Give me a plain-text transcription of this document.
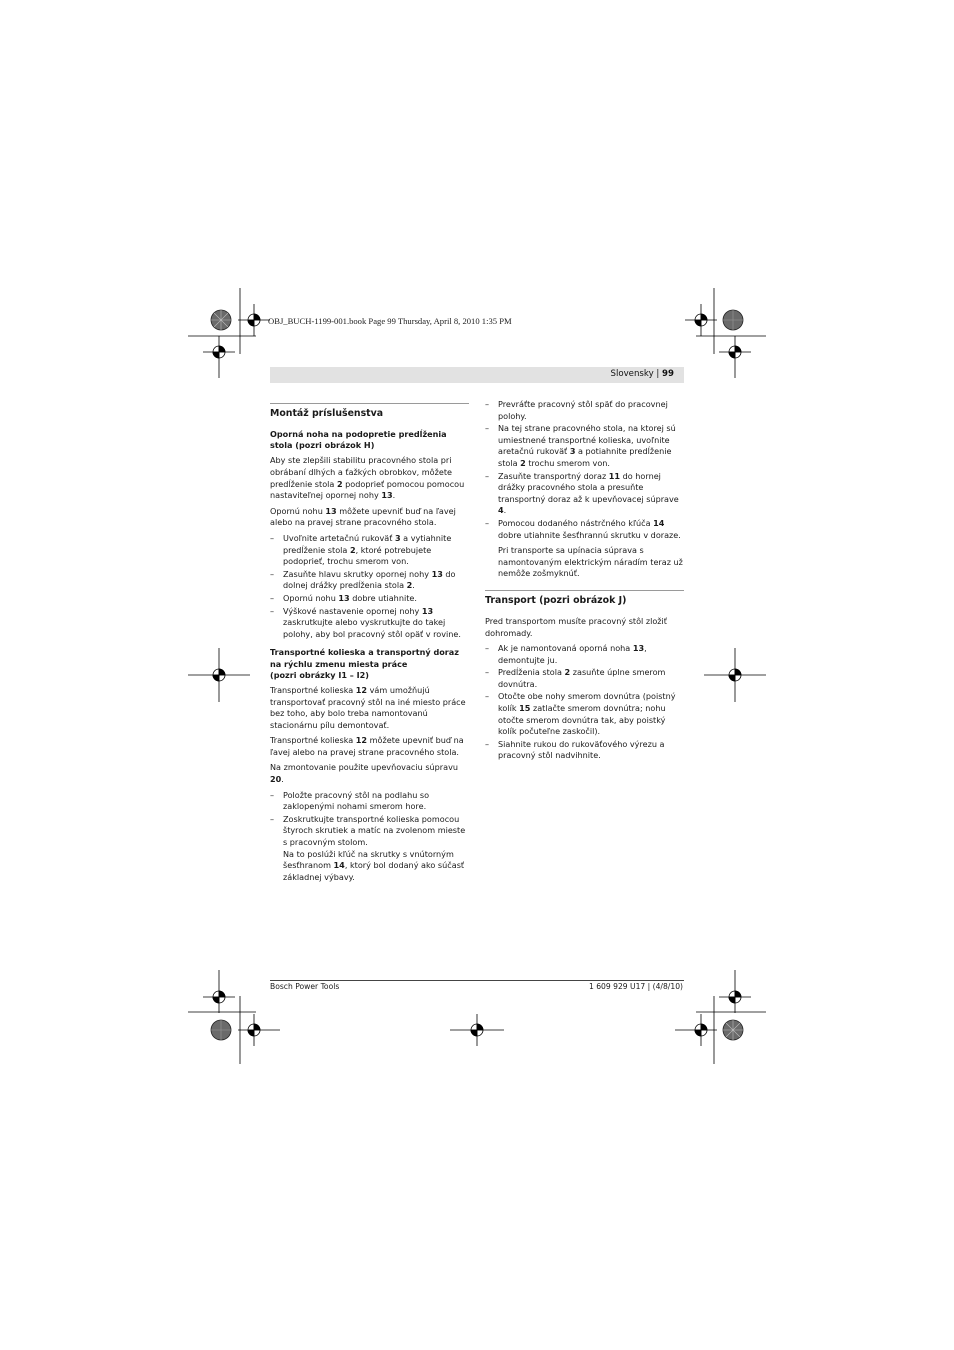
OBJ_BUCH-1199-001.book Page 99 Thursday, April 8, 2010 1:35 PM
Slovensky | 99
Montáž príslušenstva
Oporná noha na podopretie predĺženia stola (pozri obrázok H)

Aby ste zlepšili stabilitu pracovného stola pri obrábaní dlhých a ťažkých obrobkov, môžete predĺženie stola 2 podoprieť pomocou pomocou nastaviteľnej opornej nohy 13.

Opornú nohu 13 môžete upevniť buď na ľavej alebo na pravej strane pracovného stola.

– Uvoľnite artetačnú rukoväť 3 a vytiahnite predĺženie stola 2, ktoré potrebujete podoprieť, trochu smerom von.
– Zasuňte hlavu skrutky opornej nohy 13 do dolnej drážky predĺženia stola 2.
– Opornú nohu 13 dobre utiahnite.
– Výškové nastavenie opornej nohy 13 zaskrutkujte alebo vyskrutkujte do takej polohy, aby bol pracovný stôl opäť v rovine.
Transportné kolieska a transportný doraz na rýchlu zmenu miesta práce
(pozri obrázky I1 – I2)

Transportné kolieska 12 vám umožňujú transportovať pracovný stôl na iné miesto práce bez toho, aby bolo treba namontovanú stacionárnu pílu demontovať.

Transportné kolieska 12 môžete upevniť buď na ľavej alebo na pravej strane pracovného stola.

Na zmontovanie použite upevňovaciu súpravu 20.

– Položte pracovný stôl na podlahu so zaklopenými nohami smerom hore.
– Zoskrutkujte transportné kolieska pomocou štyroch skrutiek a matíc na zvolenom mieste s pracovným stolom.
Na to poslúži kľúč na skrutky s vnútorným šesťhranom 14, ktorý bol dodaný ako súčasť základnej výbavy.
– Prevráťte pracovný stôl späť do pracovnej polohy.
– Na tej strane pracovného stola, na ktorej sú umiestnené transportné kolieska, uvoľnite aretačnú rukoväť 3 a potiahnite predĺženie stola 2 trochu smerom von.
– Zasuňte transportný doraz 11 do hornej drážky pracovného stola a presuňte transportný doraz až k upevňovacej súprave 4.
– Pomocou dodaného nástrčného kľúča 14 dobre utiahnite šesťhrannú skrutku v doraze.

Pri transporte sa upínacia súprava s namontovaným elektrickým náradím teraz už nemôže zošmyknúť.

Transport (pozri obrázok J)

Pred transportom musíte pracovný stôl zložiť dohromady.

– Ak je namontovaná oporná noha 13, demontujte ju.
– Predĺženia stola 2 zasuňte úplne smerom dovnútra.
– Otočte obe nohy smerom dovnútra (poistný kolík 15 zatlačte smerom dovnútra; nohu otočte smerom dovnútra tak, aby poistký kolík počuteľne zaskočil).
– Siahnite rukou do rukoväťového výrezu a pracovný stôl nadvihnite.
Bosch Power Tools	1 609 929 U17 | (4/8/10)
